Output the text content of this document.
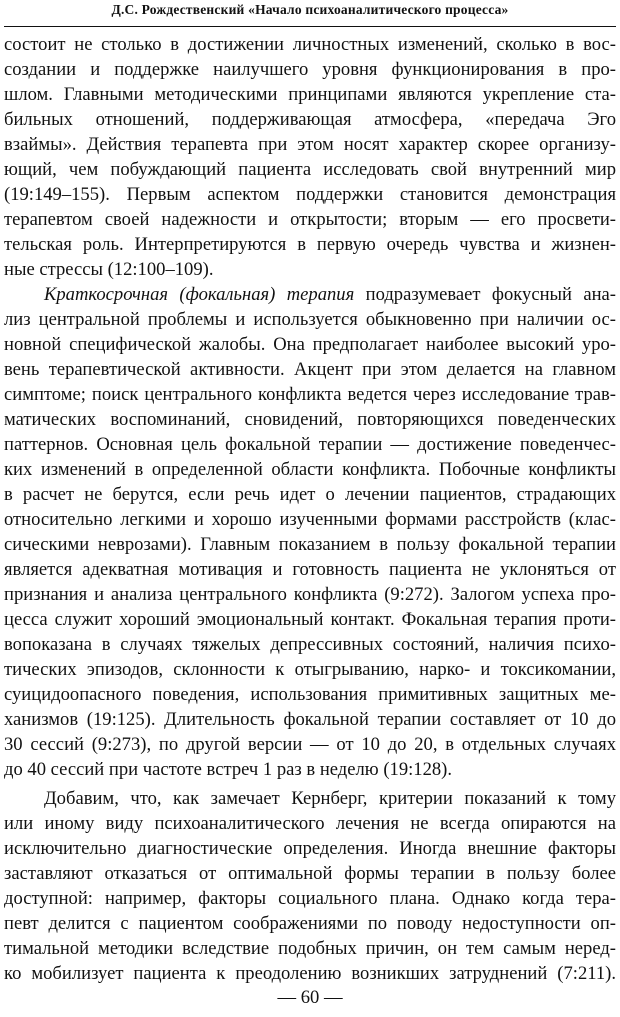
Д.С. Рождественский «Начало психоаналитического процесса»
состоит не столько в достижении личностных изменений, сколько в вос-
создании и поддержке наилучшего уровня функционирования в про-
шлом. Главными методическими принципами являются укрепление ста-
бильных отношений, поддерживающая атмосфера, «передача Эго
взаймы». Действия терапевта при этом носят характер скорее организу-
ющий, чем побуждающий пациента исследовать свой внутренний мир
(19:149–155). Первым аспектом поддержки становится демонстрация
терапевтом своей надежности и открытости; вторым — его просвети-
тельская роль. Интерпретируются в первую очередь чувства и жизнен-
ные стрессы (12:100–109).
Краткосрочная (фокальная) терапия подразумевает фокусный ана-
лиз центральной проблемы и используется обыкновенно при наличии ос-
новной специфической жалобы. Она предполагает наиболее высокий уро-
вень терапевтической активности. Акцент при этом делается на главном
симптоме; поиск центрального конфликта ведется через исследование трав-
матических воспоминаний, сновидений, повторяющихся поведенческих
паттернов. Основная цель фокальной терапии — достижение поведенчес-
ких изменений в определенной области конфликта. Побочные конфликты
в расчет не берутся, если речь идет о лечении пациентов, страдающих
относительно легкими и хорошо изученными формами расстройств (клас-
сическими неврозами). Главным показанием в пользу фокальной терапии
является адекватная мотивация и готовность пациента не уклоняться от
признания и анализа центрального конфликта (9:272). Залогом успеха про-
цесса служит хороший эмоциональный контакт. Фокальная терапия проти-
вопоказана в случаях тяжелых депрессивных состояний, наличия психо-
тических эпизодов, склонности к отыгрыванию, нарко- и токсикомании,
суицидоопасного поведения, использования примитивных защитных ме-
ханизмов (19:125). Длительность фокальной терапии составляет от 10 до
30 сессий (9:273), по другой версии — от 10 до 20, в отдельных случаях
до 40 сессий при частоте встреч 1 раз в неделю (19:128).
Добавим, что, как замечает Кернберг, критерии показаний к тому
или иному виду психоаналитического лечения не всегда опираются на
исключительно диагностические определения. Иногда внешние факторы
заставляют отказаться от оптимальной формы терапии в пользу более
доступной: например, факторы социального плана. Однако когда тера-
певт делится с пациентом соображениями по поводу недоступности оп-
тимальной методики вследствие подобных причин, он тем самым неред-
ко мобилизует пациента к преодолению возникших затруднений (7:211).
— 60 —
